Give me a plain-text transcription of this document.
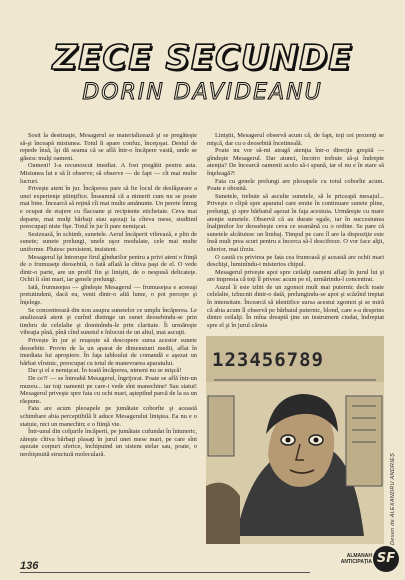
ZECE SECUNDE
DORIN DAVIDEANU

Sosit la destinaţie, Mesagerul se materializează şi se pregăteşte să-şi înceapă misiunea. Totul îi apare confuz, înceţoşat. Destul de repede însă, îşi dă seama că se află într-o încăpere vastă, unde se găsesc mulţi oameni.

Oameni! I-a recunoscut imediat. A fost pregătit pentru asta. Misiunea lui e să îi observe; să observe — de fapt — cît mai multe lucruri.

Priveşte atent în jur. Încăperea pare să fie locul de desfăşurare a unei experienţe ştiinţifice. Înseamnă că a nimerit cum nu se poate mai bine. Încearcă să reţină cît mai multe amănunte. Un perete întreg e ocupat de etajere cu flacoane şi recipiente etichetate. Ceva mai departe, mai mulţi bărbaţi stau aşezaţi la cîteva mese, studiind preocupaţi niste fişe. Totul în jur îi pare nemişcat.

Sesizează, în schimb, sunetele. Aerul încăperii vibrează, e plin de sunete; sunete prelungi, unele uşor modulate, cele mai multe uniforme. Plutesc persistent, insistent.

Mesagerul îşi întrerupe firul gîndurilor pentru a privi atent o fiinţă de o frumuseţe deosebită, o fată aflată la cîtiva paşi de el. O vede dintr-o parte, are un profil fin şi liniştit, de o nespusă delicateţe. Ochii îi sînt mari, iar genele prelungi.

Iată, frumuseţea — gîndeşte Mesagerul — frumuseţea e aceeaşi pretutindeni, dacă eu, venit dintr-o altă lume, o pot percepe şi înţelege.

Se concentrează din nou asupra sunetelor ce umplu încăperea. Le analizează atent şi curînd distinge un sunet deosebindu-se prin timbru de celelalte şi dominîndu-le prin claritate. Îi urmăreşte vibraţia pînă, pînă cînd sunetul e înlocuit de un altul, mai ascuţit.

Privește în jur și reușește să descopere sursa acestor sunete deosebite. Provin de la un aparat de dimensiuni medii, aflat în imediata lui apropiere. În faţa tabloului de comandă e aşezat un bărbat vîrstnic, preocupat cu totul de manevrarea aparatului.

Dar şi el e nemişcat. În toată încăperea, nimeni nu se mişcă!

De ce?! — se întreabă Mesagerul, îngrijorat. Poate se află într-un muzeu... iar toţi oamenii pe care-i vede sînt manechine! Sau statui! Mesagerul priveşte spre fata cu ochi mari, aşteptînd parcă de la ea un răspuns.

Fata are acum pleoapele pe jumătate coborîte şi această schimbare abia perceptibilă îi aduce Mesagerului liniştea. Ea nu e o statuie, nici un manechin; e o fiinţă vie.

Într-unul din colţurile încăperii, pe jumătate cufundat în întuneric, zăreşte cîtiva bărbaţi plasaţi în jurul unei mese mari, pe care sînt aşezate corpuri sferice, închipuind un sistem stelar sau, poate, o neobişnuită structură moleculară.

Liniştit, Mesagerul observă acum că, de fapt, toţi cei prezenţi se mişcă, dar cu o deosebită încetineală.

Poate nu vor să-mi atragă atenţia într-o direcţie greşită — gîndeşte Mesagerul. Dar atunci, încotro trebuie să-şi îndrepte atenţia? De încearcă oamenii acolo să-i spună, iar el nu e în stare să înţeleagă?!

Fata cu genele prelungi are pleoapele cu totul coborîte acum. Poate e obosită.

Sunetele, trebuie să asculte sunetele, să le priceapă mesajul... Priveşte o clipă spre aparatul care emite în continuare sunete pline, prelungi, şi spre bărbatul aşezat în faţa acestuia. Urmăreşte cu mare atenţie sunetele. Observă că au durate egale, iar în succesiunea înalţimilor lor deosebeşte ceva ce seamănă cu o ordine. Se pare că sunetele alcătuiesc un limbaj. Timpul pe care îl are la dispoziţie este însă mult prea scurt pentru a încerca să-l descifreze. O vor face alţii, ulterior, mai tîrziu.

O caută cu privirea pe fata cea frumoasă şi această are ochii mari deschişi, luminîndu-i misterios chipul.

Mesagerul priveşte apoi spre ceilalţi oameni aflaţi în jurul lui şi are impresia că toţi îl privesc acum pe el, urmărindu-l concentrat.

Auzul îi este izbit de un zgomot mult mai puternic decît toate celelalte, izbucnit dintr-o dată, prelungindu-se apoi şi scăzînd treptat în intensitate. Încearcă să identifice sursa acestui zgomot şi se miră că abia acum îl observă pe bărbatul puternic, blond, care s-a desprins dintre ceilalţi. În mîna dreaptă ţine un instrument ciudat, îndreptat spre el şi în jurul căruia

123456789
Desen de ALEXANDRU ANDRIEȘ
136
ALMANAH
ANTICIPAȚIA SF
